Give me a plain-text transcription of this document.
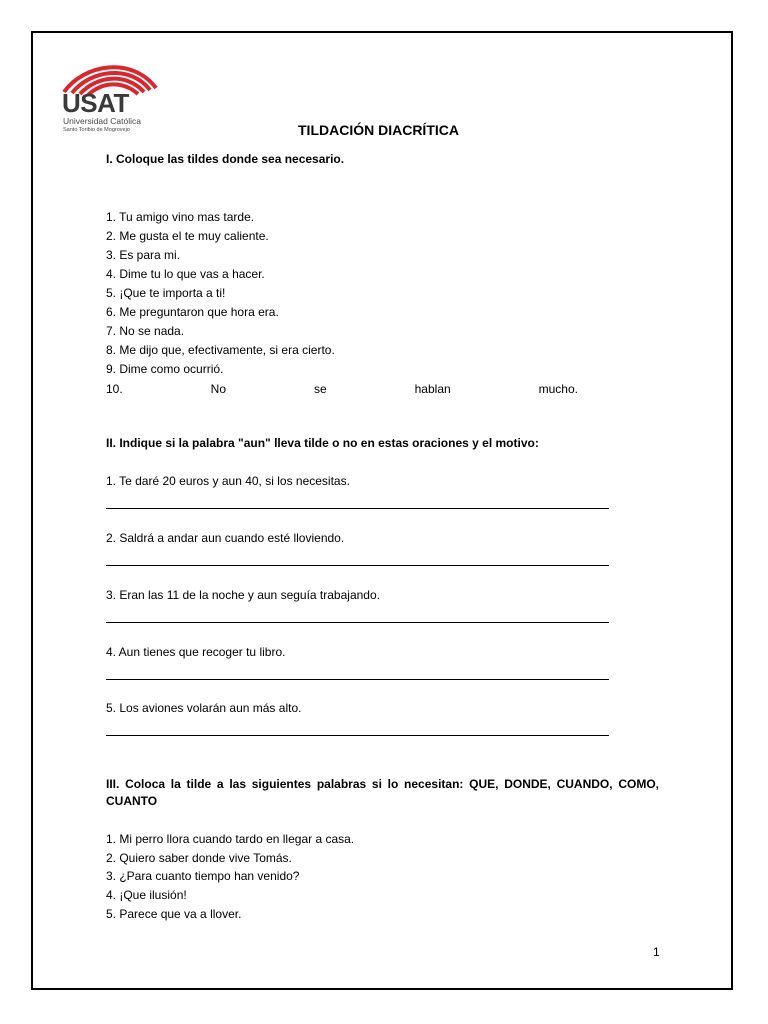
USAT
Universidad Católica
Santo Toribio de Mogrovejo	TILDACIÓN DIACRÍTICA
I. Coloque las tildes donde sea necesario.
1. Tu amigo vino mas tarde.
2. Me gusta el te muy caliente.
3. Es para mi.
4. Dime tu lo que vas a hacer.
5. ¡Que te importa a ti!
6. Me preguntaron que hora era.
7. No se nada.
8. Me dijo que, efectivamente, si era cierto.
9. Dime como ocurrió.
10.	No	se	hablan	mucho.
II. Indique si la palabra "aun" lleva tilde o no en estas oraciones y el motivo:
1. Te daré 20 euros y aun 40, si los necesitas.
2. Saldrá a andar aun cuando esté lloviendo.
3. Eran las 11 de la noche y aun seguía trabajando.
4. Aun tienes que recoger tu libro.
5. Los aviones volarán aun más alto.
III. Coloca la tilde a las siguientes palabras si lo necesitan: QUE, DONDE, CUANDO, COMO, CUANTO
1. Mi perro llora cuando tardo en llegar a casa.
2. Quiero saber donde vive Tomás.
3. ¿Para cuanto tiempo han venido?
4. ¡Que ilusión!
5. Parece que va a llover.
1
